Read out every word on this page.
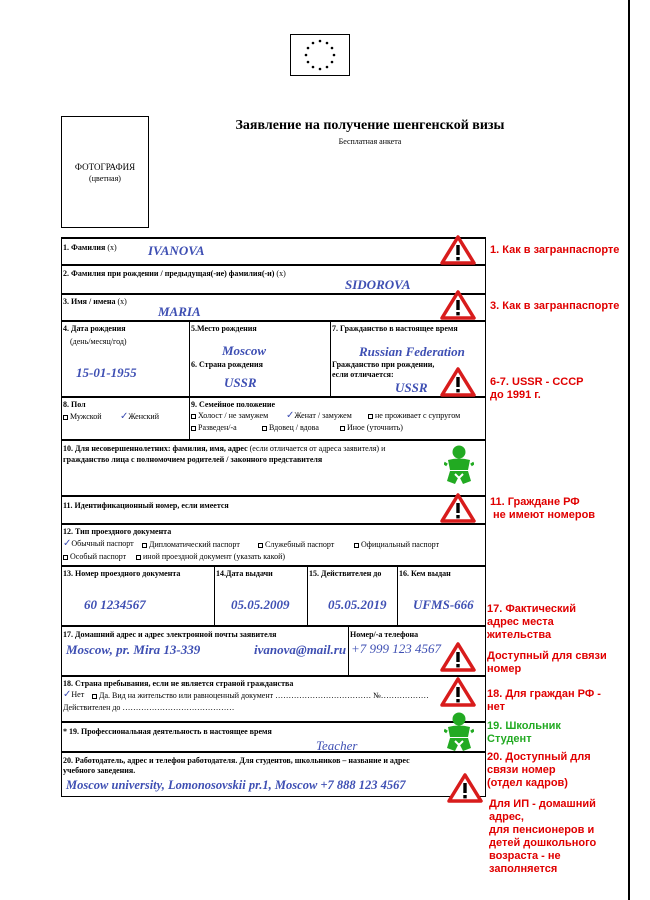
ФОТОГРАФИЯ
(цветная)
Заявление на получение шенгенской визы
Бесплатная анкета
1. Фамилия (x) IVANOVA
2. Фамилия при рождении / предыдущая(-ие) фамилия(-и) (x)
SIDOROVA
3. Имя / имена (x)
MARIA
4. Дата рождения
(день/месяц/год)
15-01-1955
5.Место рождения
Moscow
6. Страна рождения
USSR
7. Гражданство в настоящее время
Russian Federation
Гражданство при рождении, если отличается:
USSR
8. Пол
Мужской ✓Женский
9. Семейное положение
Холост / не замужем ✓Женат / замужем	не проживает с супругом
Разведен/-а	Вдовец / вдова	Иное (уточнить)
10. Для несовершеннолетних: фамилия, имя, адрес (если отличается от адреса заявителя) и
гражданство лица с полномочием родителей / законного представителя
11. Идентификационный номер, если имеется
12. Тип проездного документа
✓Обычный паспорт	Дипломатический паспорт	Служебный паспорт	Официальный паспорт
Особый паспорт	иной проездной документ (указать какой)
13. Номер проездного документа
60 1234567
14.Дата выдачи
05.05.2009
15. Действителен до
05.05.2019
16. Кем выдан
UFMS-666
17. Домашний адрес и адрес электронной почты заявителя
Moscow, pr. Mira 13-339	ivanova@mail.ru
Номер/-а телефона
+7 999 123 4567
18. Страна пребывания, если не является страной гражданства
✓Нет	Да. Вид на жительство или равноценный документ ……………………………… №………………
Действителен до ……………………………………
* 19. Профессиональная деятельность в настоящее время
Teacher
20. Работодатель, адрес и телефон работодателя. Для студентов, школьников – название и адрес
учебного заведения.
Moscow university, Lomonosovskii pr.1, Moscow +7 888 123 4567
1. Как в загранпаспорте
3. Как в загранпаспорте
6-7. USSR - СССР
до 1991 г.
11. Граждане РФ
не имеют номеров
17. Фактический
адрес места
жительства
Доступный для связи
номер
18. Для граждан РФ -
нет
19. Школьник
Студент
20. Доступный для
связи номер
(отдел кадров)
Для ИП - домашний
адрес,
для пенсионеров и
детей дошкольного
возраста - не
заполняется
